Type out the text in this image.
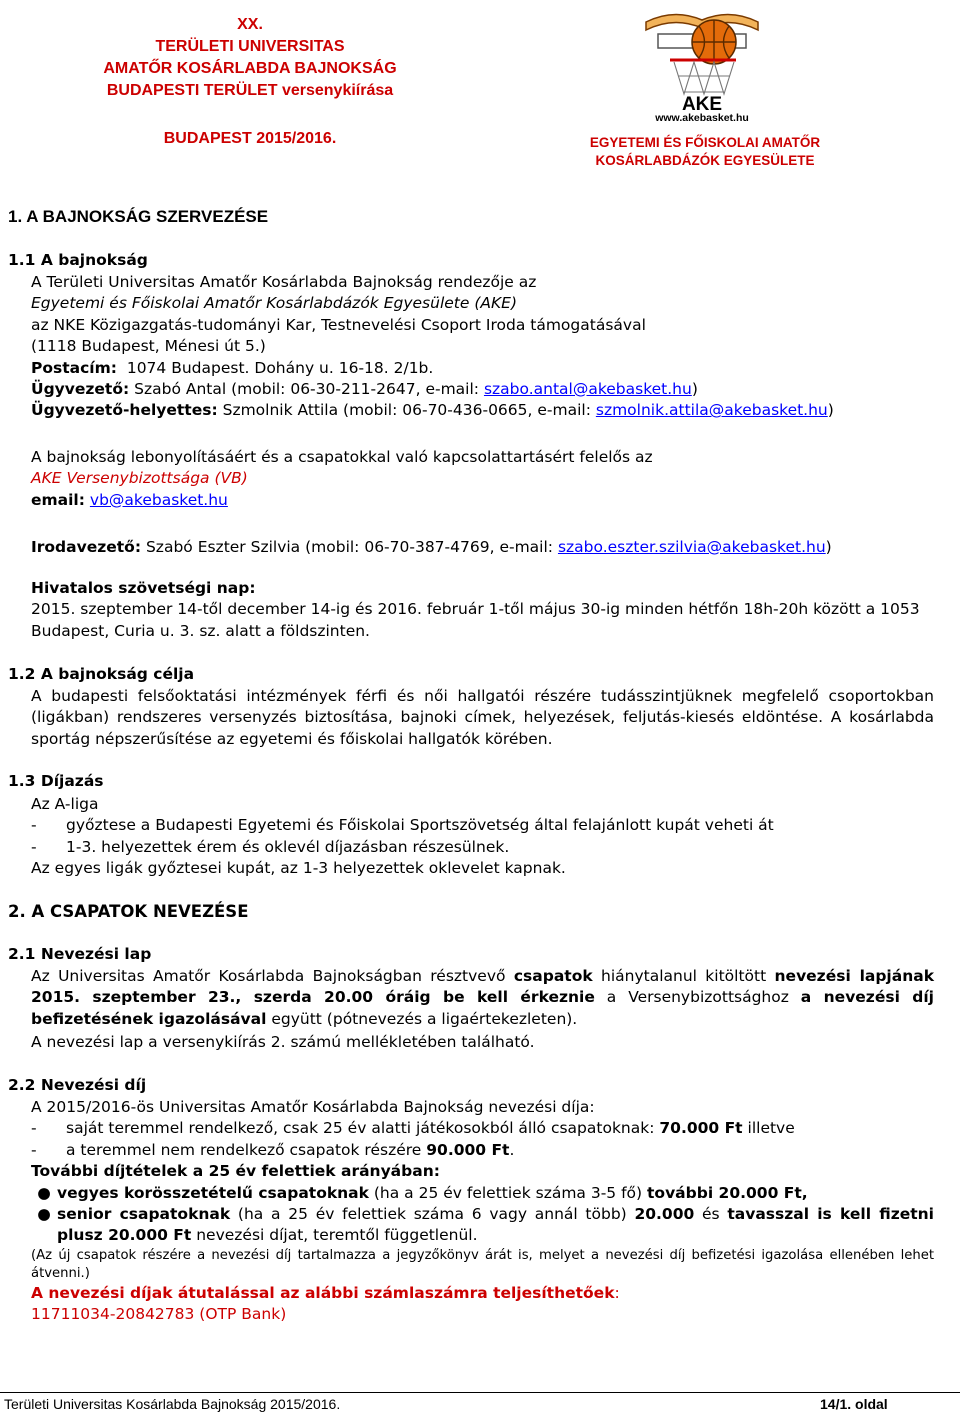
XX.
TERÜLETI UNIVERSITAS
AMATŐR KOSÁRLABDA BAJNOKSÁG
BUDAPESTI TERÜLET versenykiírása
BUDAPEST 2015/2016.
AKE
www.akebasket.hu
EGYETEMI ÉS FŐISKOLAI AMATŐR
KOSÁRLABDÁZÓK EGYESÜLETE
1. A BAJNOKSÁG SZERVEZÉSE
1.1 A bajnokság
A Területi Universitas Amatőr Kosárlabda Bajnokság rendezője az
Egyetemi és Főiskolai Amatőr Kosárlabdázók Egyesülete (AKE)
az NKE Közigazgatás-tudományi Kar, Testnevelési Csoport Iroda támogatásával
(1118 Budapest, Ménesi út 5.)
Postacím: 1074 Budapest. Dohány u. 16-18. 2/1b.
Ügyvezető: Szabó Antal (mobil: 06-30-211-2647, e-mail: szabo.antal@akebasket.hu)
Ügyvezető-helyettes: Szmolnik Attila (mobil: 06-70-436-0665, e-mail: szmolnik.attila@akebasket.hu)
A bajnokság lebonyolításáért és a csapatokkal való kapcsolattartásért felelős az
AKE Versenybizottsága (VB)
email: vb@akebasket.hu
Irodavezető: Szabó Eszter Szilvia (mobil: 06-70-387-4769, e-mail: szabo.eszter.szilvia@akebasket.hu)
Hivatalos szövetségi nap:
2015. szeptember 14-től december 14-ig és 2016. február 1-től május 30-ig minden hétfőn 18h-20h között a 1053 Budapest, Curia u. 3. sz. alatt a földszinten.
1.2 A bajnokság célja
A budapesti felsőoktatási intézmények férfi és női hallgatói részére tudásszintjüknek megfelelő csoportokban (ligákban) rendszeres versenyzés biztosítása, bajnoki címek, helyezések, feljutás-kiesés eldöntése. A kosárlabda sportág népszerűsítése az egyetemi és főiskolai hallgatók körében.
1.3 Díjazás
Az A-liga
-	győztese a Budapesti Egyetemi és Főiskolai Sportszövetség által felajánlott kupát veheti át
-	1-3. helyezettek érem és oklevél díjazásban részesülnek.
Az egyes ligák győztesei kupát, az 1-3 helyezettek oklevelet kapnak.
2. A CSAPATOK NEVEZÉSE
2.1 Nevezési lap
Az Universitas Amatőr Kosárlabda Bajnokságban résztvevő csapatok hiánytalanul kitöltött nevezési lapjának 2015. szeptember 23., szerda 20.00 óráig be kell érkeznie a Versenybizottsághoz a nevezési díj befizetésének igazolásával együtt (pótnevezés a ligaértekezleten).
A nevezési lap a versenykiírás 2. számú mellékletében található.
2.2 Nevezési díj
A 2015/2016-ös Universitas Amatőr Kosárlabda Bajnokság nevezési díja:
-	saját teremmel rendelkező, csak 25 év alatti játékosokból álló csapatoknak: 70.000 Ft illetve
-	a teremmel nem rendelkező csapatok részére 90.000 Ft.
További díjtételek a 25 év felettiek arányában:
● vegyes korösszetételű csapatoknak (ha a 25 év felettiek száma 3-5 fő) további 20.000 Ft,
● senior csapatoknak (ha a 25 év felettiek száma 6 vagy annál több) 20.000 és tavasszal is kell fizetni plusz 20.000 Ft nevezési díjat, teremtől függetlenül.
(Az új csapatok részére a nevezési díj tartalmazza a jegyzőkönyv árát is, melyet a nevezési díj befizetési igazolása ellenében lehet átvenni.)
A nevezési díjak átutalással az alábbi számlaszámra teljesíthetőek:
11711034-20842783 (OTP Bank)
Területi Universitas Kosárlabda Bajnokság 2015/2016.	14/1. oldal
